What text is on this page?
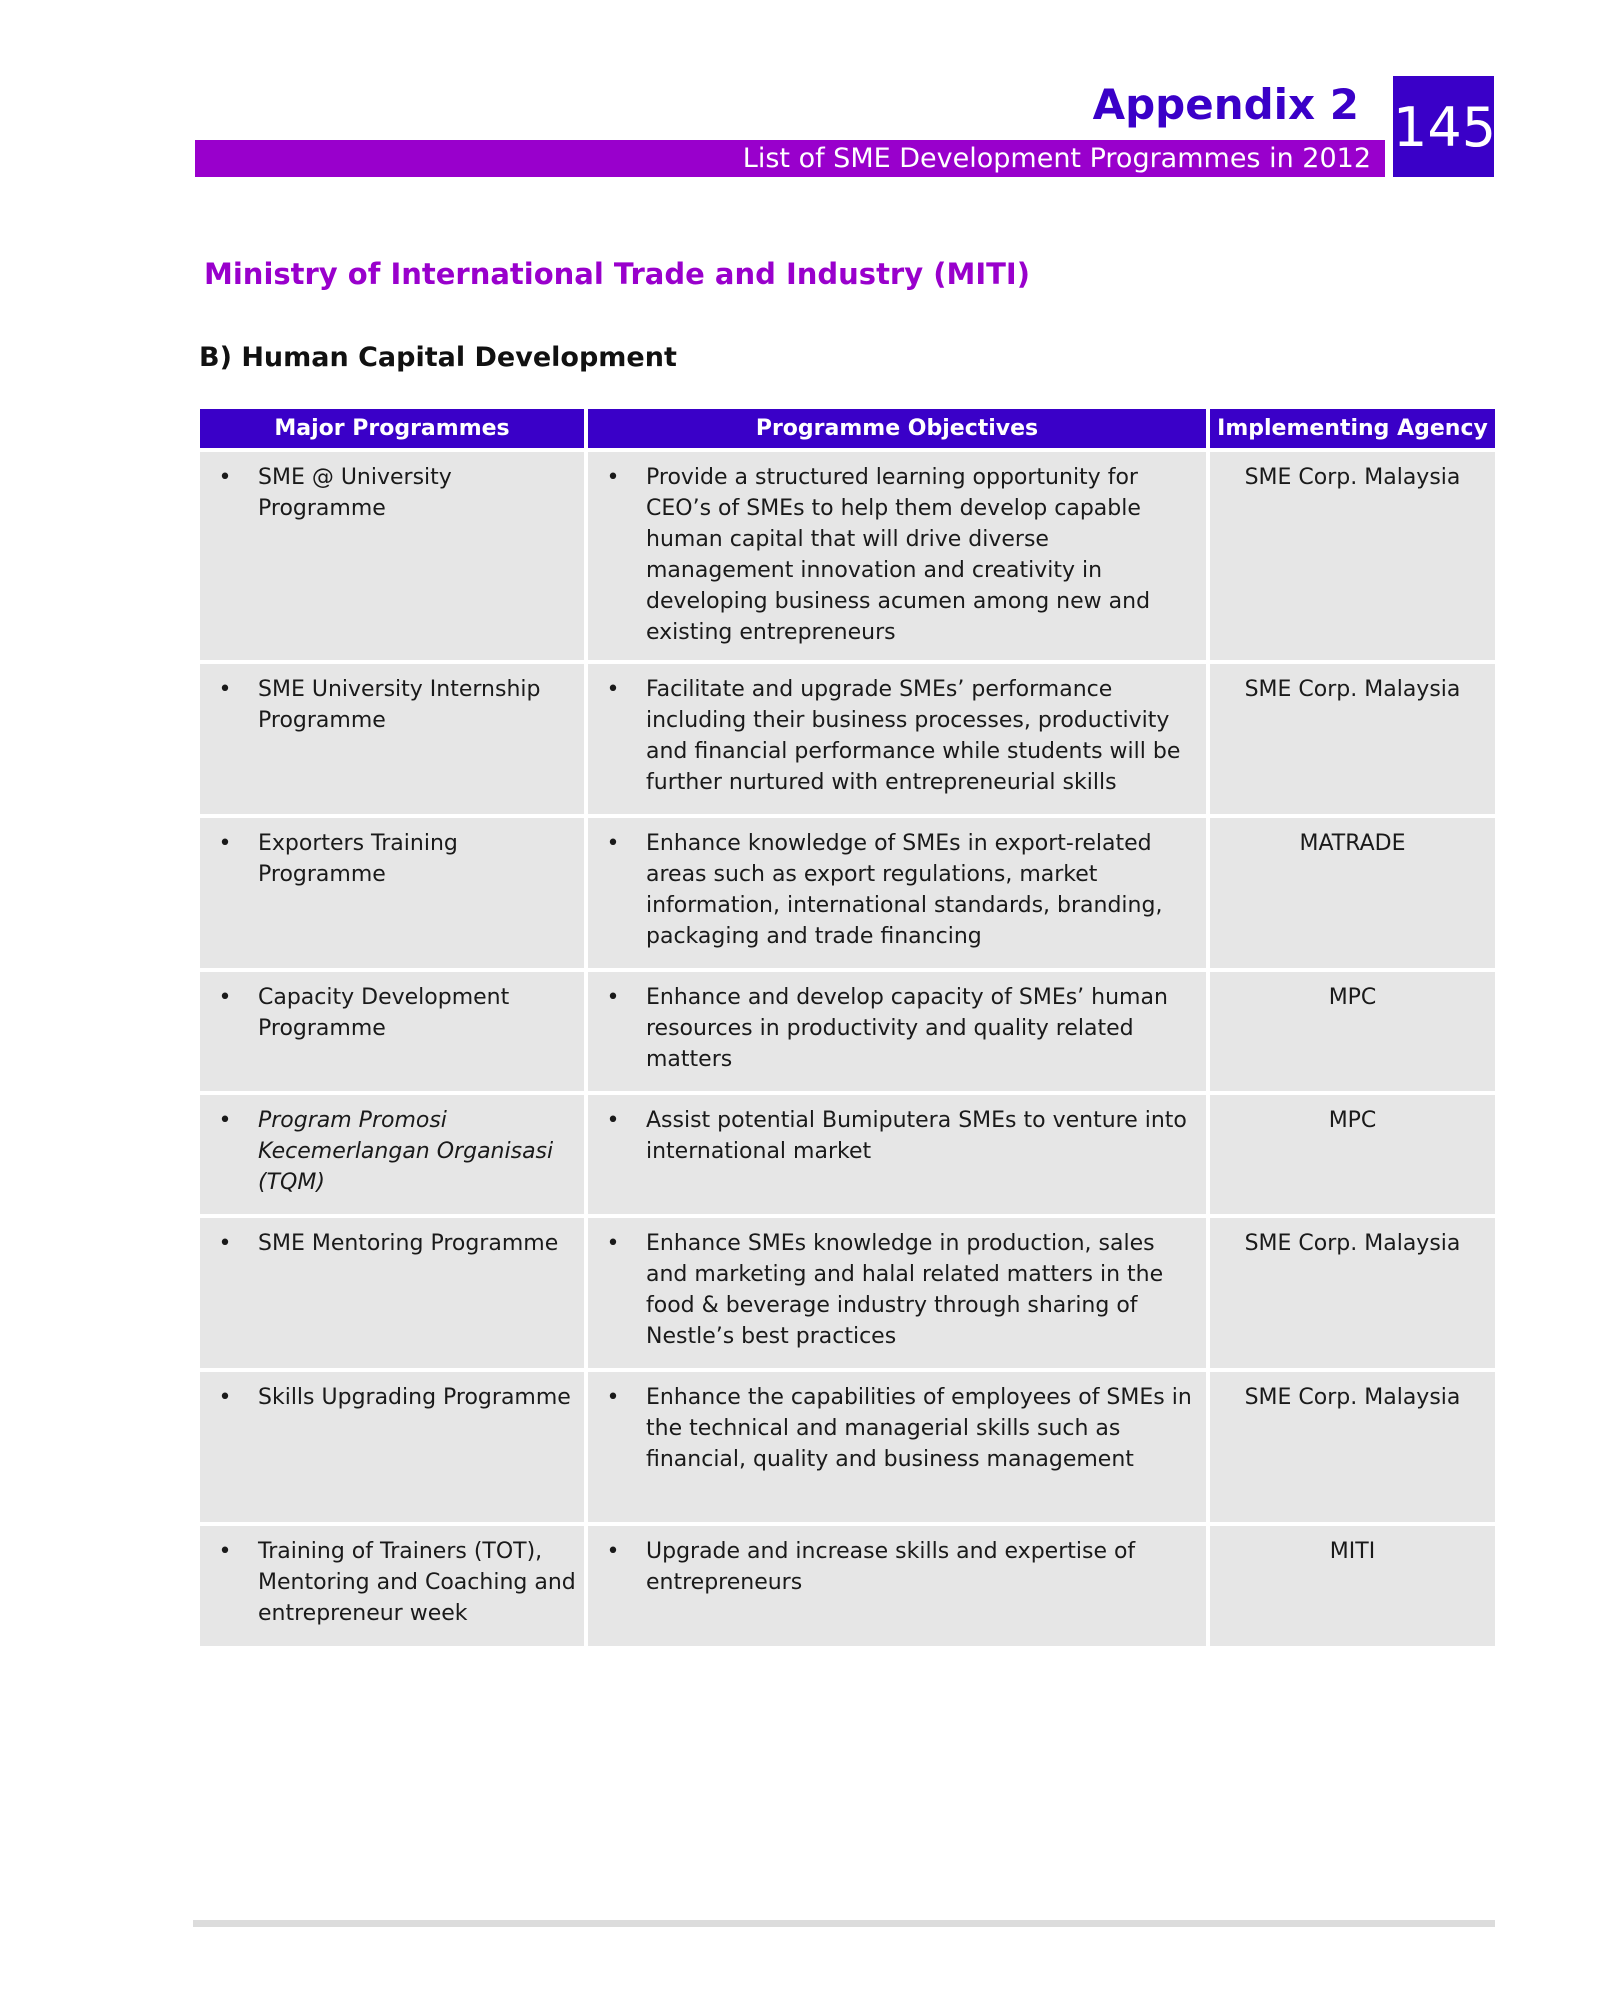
Appendix 2
List of SME Development Programmes in 2012 145
Ministry of International Trade and Industry (MITI)
B) Human Capital Development
Major Programmes	Programme Objectives	Implementing Agency

• SME @ University Programme	• Provide a structured learning opportunity for CEO’s of SMEs to help them develop capable human capital that will drive diverse management innovation and creativity in developing business acumen among new and existing entrepreneurs	SME Corp. Malaysia

• SME University Internship Programme	• Facilitate and upgrade SMEs’ performance including their business processes, productivity and financial performance while students will be further nurtured with entrepreneurial skills	SME Corp. Malaysia

• Exporters Training Programme	• Enhance knowledge of SMEs in export-related areas such as export regulations, market information, international standards, branding, packaging and trade financing	MATRADE

• Capacity Development Programme	• Enhance and develop capacity of SMEs’ human resources in productivity and quality related matters	MPC

• Program Promosi Kecemerlangan Organisasi (TQM)	• Assist potential Bumiputera SMEs to venture into international market	MPC

• SME Mentoring Programme	• Enhance SMEs knowledge in production, sales and marketing and halal related matters in the food & beverage industry through sharing of Nestle’s best practices	SME Corp. Malaysia

• Skills Upgrading Programme	• Enhance the capabilities of employees of SMEs in the technical and managerial skills such as financial, quality and business management	SME Corp. Malaysia

• Training of Trainers (TOT), Mentoring and Coaching and entrepreneur week	• Upgrade and increase skills and expertise of entrepreneurs	MITI
